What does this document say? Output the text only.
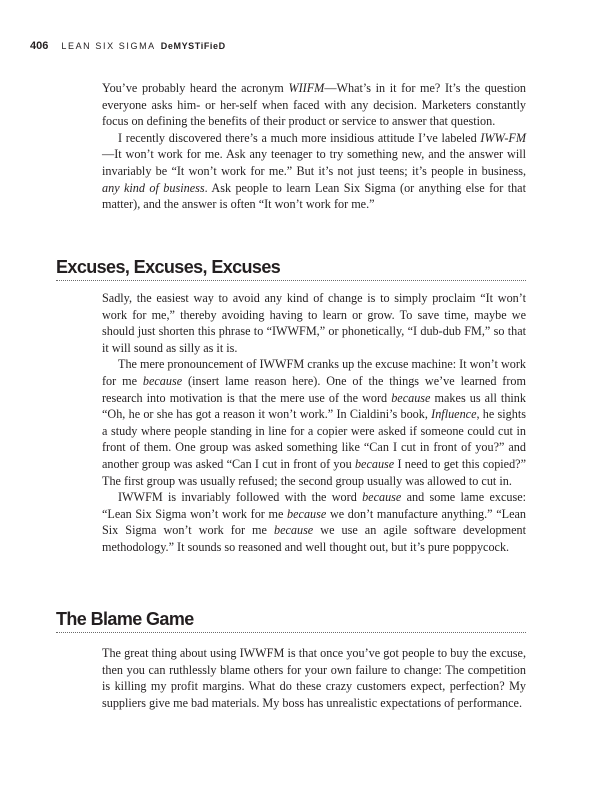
406 LEAN SIX SIGMA DeMYSTiFieD

You’ve probably heard the acronym WIIFM—What’s in it for me? It’s the question everyone asks him- or her-self when faced with any decision. Marketers constantly focus on defining the benefits of their product or service to answer that question.

I recently discovered there’s a much more insidious attitude I’ve labeled IWW-FM—It won’t work for me. Ask any teenager to try something new, and the answer will invariably be “It won’t work for me.” But it’s not just teens; it’s people in business, any kind of business. Ask people to learn Lean Six Sigma (or anything else for that matter), and the answer is often “It won’t work for me.”

Excuses, Excuses, Excuses

Sadly, the easiest way to avoid any kind of change is to simply proclaim “It won’t work for me,” thereby avoiding having to learn or grow. To save time, maybe we should just shorten this phrase to “IWWFM,” or phonetically, “I dub-dub FM,” so that it will sound as silly as it is.

The mere pronouncement of IWWFM cranks up the excuse machine: It won’t work for me because (insert lame reason here). One of the things we’ve learned from research into motivation is that the mere use of the word because makes us all think “Oh, he or she has got a reason it won’t work.” In Cialdini’s book, Influence, he sights a study where people standing in line for a copier were asked if someone could cut in front of them. One group was asked something like “Can I cut in front of you?” and another group was asked “Can I cut in front of you because I need to get this copied?” The first group was usually refused; the second group usually was allowed to cut in.

IWWFM is invariably followed with the word because and some lame excuse: “Lean Six Sigma won’t work for me because we don’t manufacture anything.” “Lean Six Sigma won’t work for me because we use an agile software development methodology.” It sounds so reasoned and well thought out, but it’s pure poppycock.

The Blame Game

The great thing about using IWWFM is that once you’ve got people to buy the excuse, then you can ruthlessly blame others for your own failure to change: The competition is killing my profit margins. What do these crazy customers expect, perfection? My suppliers give me bad materials. My boss has unrealistic expectations of performance.
